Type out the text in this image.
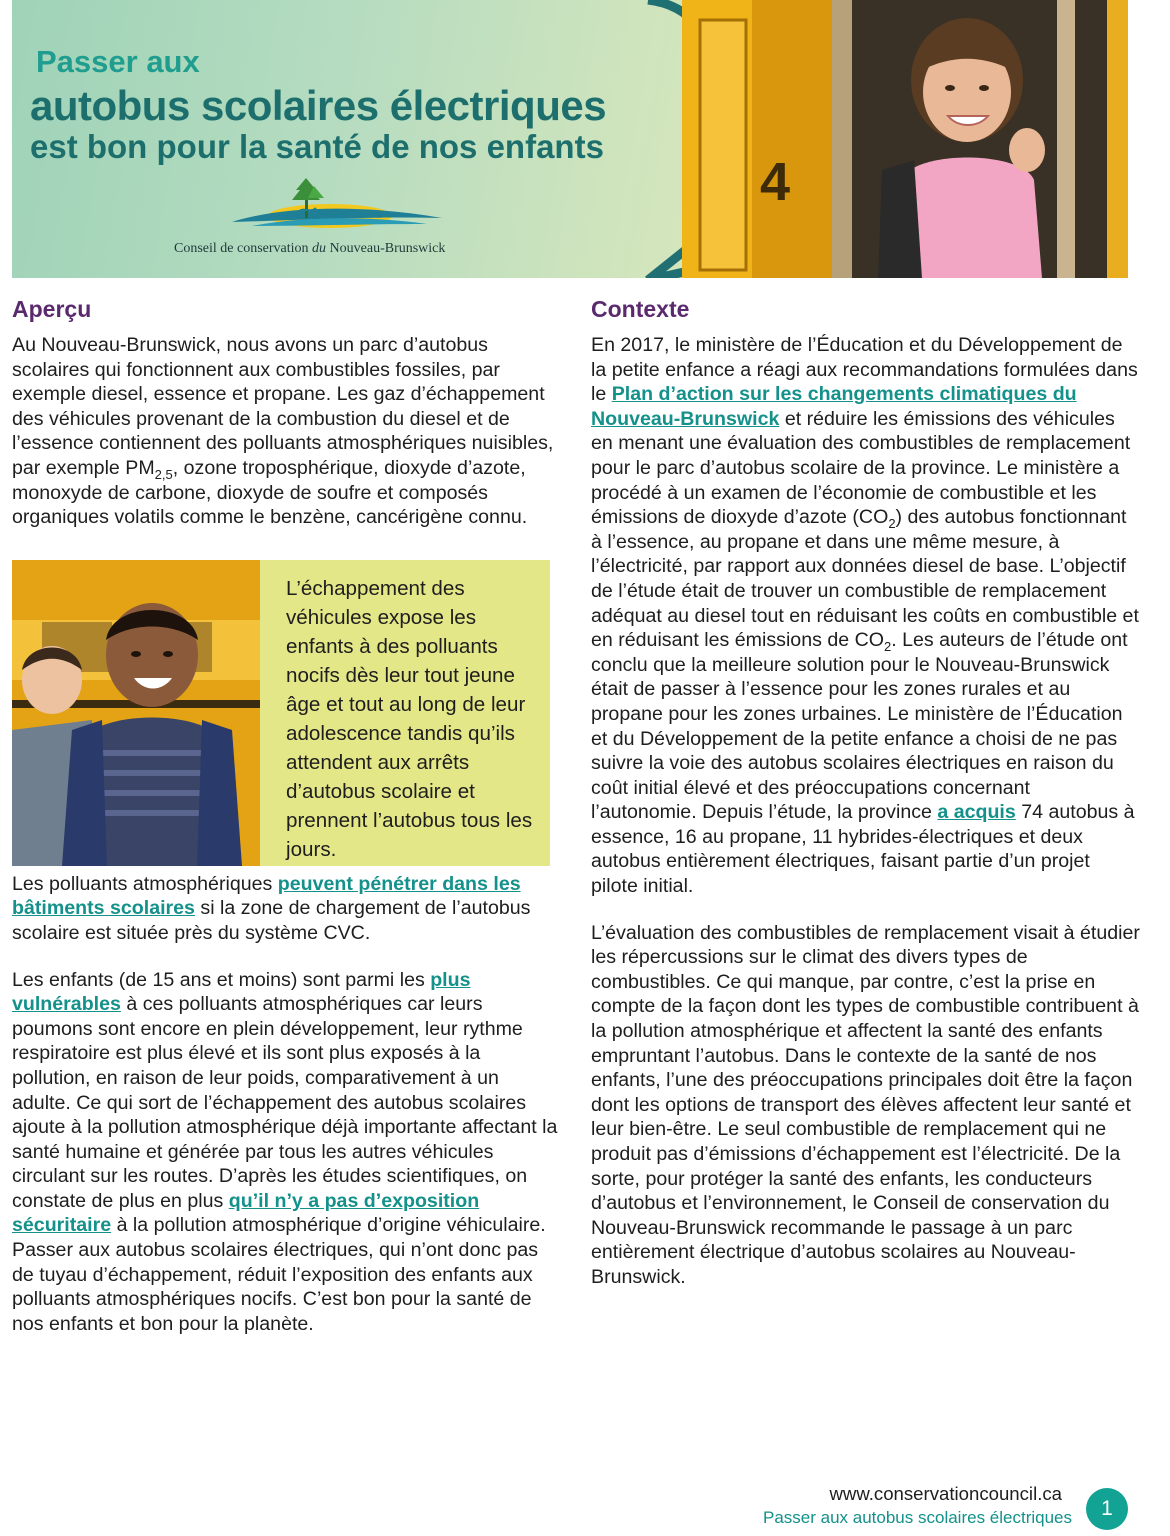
Passer aux
autobus scolaires électriques
est bon pour la santé de nos enfants
Conseil de conservation du Nouveau-Brunswick
4
Aperçu

Au Nouveau-Brunswick, nous avons un parc d’autobus scolaires qui fonctionnent aux combustibles fossiles, par exemple diesel, essence et propane. Les gaz d’échappement des véhicules provenant de la combustion du diesel et de l’essence contiennent des polluants atmosphériques nuisibles, par exemple $PM_{2,5}$, ozone troposphérique, dioxyde d’azote, monoxyde de carbone, dioxyde de soufre et composés organiques volatils comme le benzène, cancérigène connu.

L’échappement des véhicules expose les enfants à des polluants nocifs dès leur tout jeune âge et tout au long de leur adolescence tandis qu’ils attendent aux arrêts d’autobus scolaire et prennent l’autobus tous les jours.

Les polluants atmosphériques peuvent pénétrer dans les bâtiments scolaires si la zone de chargement de l’autobus scolaire est située près du système CVC.

Les enfants (de 15 ans et moins) sont parmi les plus vulnérables à ces polluants atmosphériques car leurs poumons sont encore en plein développement, leur rythme respiratoire est plus élevé et ils sont plus exposés à la pollution, en raison de leur poids, comparativement à un adulte. Ce qui sort de l’échappement des autobus scolaires ajoute à la pollution atmosphérique déjà importante affectant la santé humaine et générée par tous les autres véhicules circulant sur les routes. D’après les études scientifiques, on constate de plus en plus qu’il n’y a pas d’exposition sécuritaire à la pollution atmosphérique d’origine véhiculaire. Passer aux autobus scolaires électriques, qui n’ont donc pas de tuyau d’échappement, réduit l’exposition des enfants aux polluants atmosphériques nocifs. C’est bon pour la santé de nos enfants et bon pour la planète.

Contexte

En 2017, le ministère de l’Éducation et du Développement de la petite enfance a réagi aux recommandations formulées dans le Plan d’action sur les changements climatiques du Nouveau-Brunswick et réduire les émissions des véhicules en menant une évaluation des combustibles de remplacement pour le parc d’autobus scolaire de la province. Le ministère a procédé à un examen de l’économie de combustible et les émissions de dioxyde d’azote $(CO_2)$ des autobus fonctionnant à l’essence, au propane et dans une même mesure, à l’électricité, par rapport aux données diesel de base. L’objectif de l’étude était de trouver un combustible de remplacement adéquat au diesel tout en réduisant les coûts en combustible et en réduisant les émissions de $CO_2$. Les auteurs de l’étude ont conclu que la meilleure solution pour le Nouveau-Brunswick était de passer à l’essence pour les zones rurales et au propane pour les zones urbaines. Le ministère de l’Éducation et du Développement de la petite enfance a choisi de ne pas suivre la voie des autobus scolaires électriques en raison du coût initial élevé et des préoccupations concernant l’autonomie. Depuis l’étude, la province a acquis 74 autobus à essence, 16 au propane, 11 hybrides-électriques et deux autobus entièrement électriques, faisant partie d’un projet pilote initial.

L’évaluation des combustibles de remplacement visait à étudier les répercussions sur le climat des divers types de combustibles. Ce qui manque, par contre, c’est la prise en compte de la façon dont les types de combustible contribuent à la pollution atmosphérique et affectent la santé des enfants empruntant l’autobus. Dans le contexte de la santé de nos enfants, l’une des préoccupations principales doit être la façon dont les options de transport des élèves affectent leur santé et leur bien-être. Le seul combustible de remplacement qui ne produit pas d’émissions d’échappement est l’électricité. De la sorte, pour protéger la santé des enfants, les conducteurs d’autobus et l’environnement, le Conseil de conservation du Nouveau-Brunswick recommande le passage à un parc entièrement électrique d’autobus scolaires au Nouveau-Brunswick.

www.conservationcouncil.ca
Passer aux autobus scolaires électriques	1
